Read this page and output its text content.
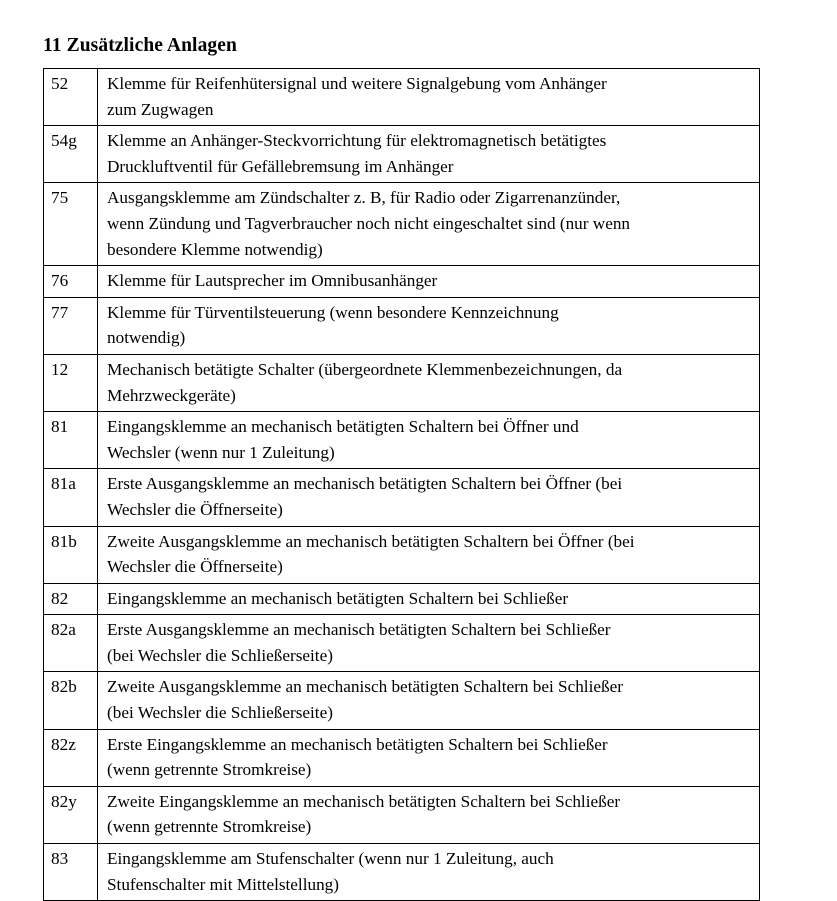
11 Zusätzliche Anlagen
52	Klemme für Reifenhütersignal und weitere Signalgebung vom Anhänger
zum Zugwagen

54g	Klemme an Anhänger-Steckvorrichtung für elektromagnetisch betätigtes
Druckluftventil für Gefällebremsung im Anhänger

75	Ausgangsklemme am Zündschalter z. B, für Radio oder Zigarrenanzünder,
wenn Zündung und Tagverbraucher noch nicht eingeschaltet sind (nur wenn
besondere Klemme notwendig)

76	Klemme für Lautsprecher im Omnibusanhänger

77	Klemme für Türventilsteuerung (wenn besondere Kennzeichnung
notwendig)

12	Mechanisch betätigte Schalter (übergeordnete Klemmenbezeichnungen, da
Mehrzweckgeräte)

81	Eingangsklemme an mechanisch betätigten Schaltern bei Öffner und
Wechsler (wenn nur 1 Zuleitung)

81a	Erste Ausgangsklemme an mechanisch betätigten Schaltern bei Öffner (bei
Wechsler die Öffnerseite)

81b	Zweite Ausgangsklemme an mechanisch betätigten Schaltern bei Öffner (bei
Wechsler die Öffnerseite)

82	Eingangsklemme an mechanisch betätigten Schaltern bei Schließer

82a	Erste Ausgangsklemme an mechanisch betätigten Schaltern bei Schließer
(bei Wechsler die Schließerseite)

82b	Zweite Ausgangsklemme an mechanisch betätigten Schaltern bei Schließer
(bei Wechsler die Schließerseite)

82z	Erste Eingangsklemme an mechanisch betätigten Schaltern bei Schließer
(wenn getrennte Stromkreise)

82y	Zweite Eingangsklemme an mechanisch betätigten Schaltern bei Schließer
(wenn getrennte Stromkreise)

83	Eingangsklemme am Stufenschalter (wenn nur 1 Zuleitung, auch
Stufenschalter mit Mittelstellung)
